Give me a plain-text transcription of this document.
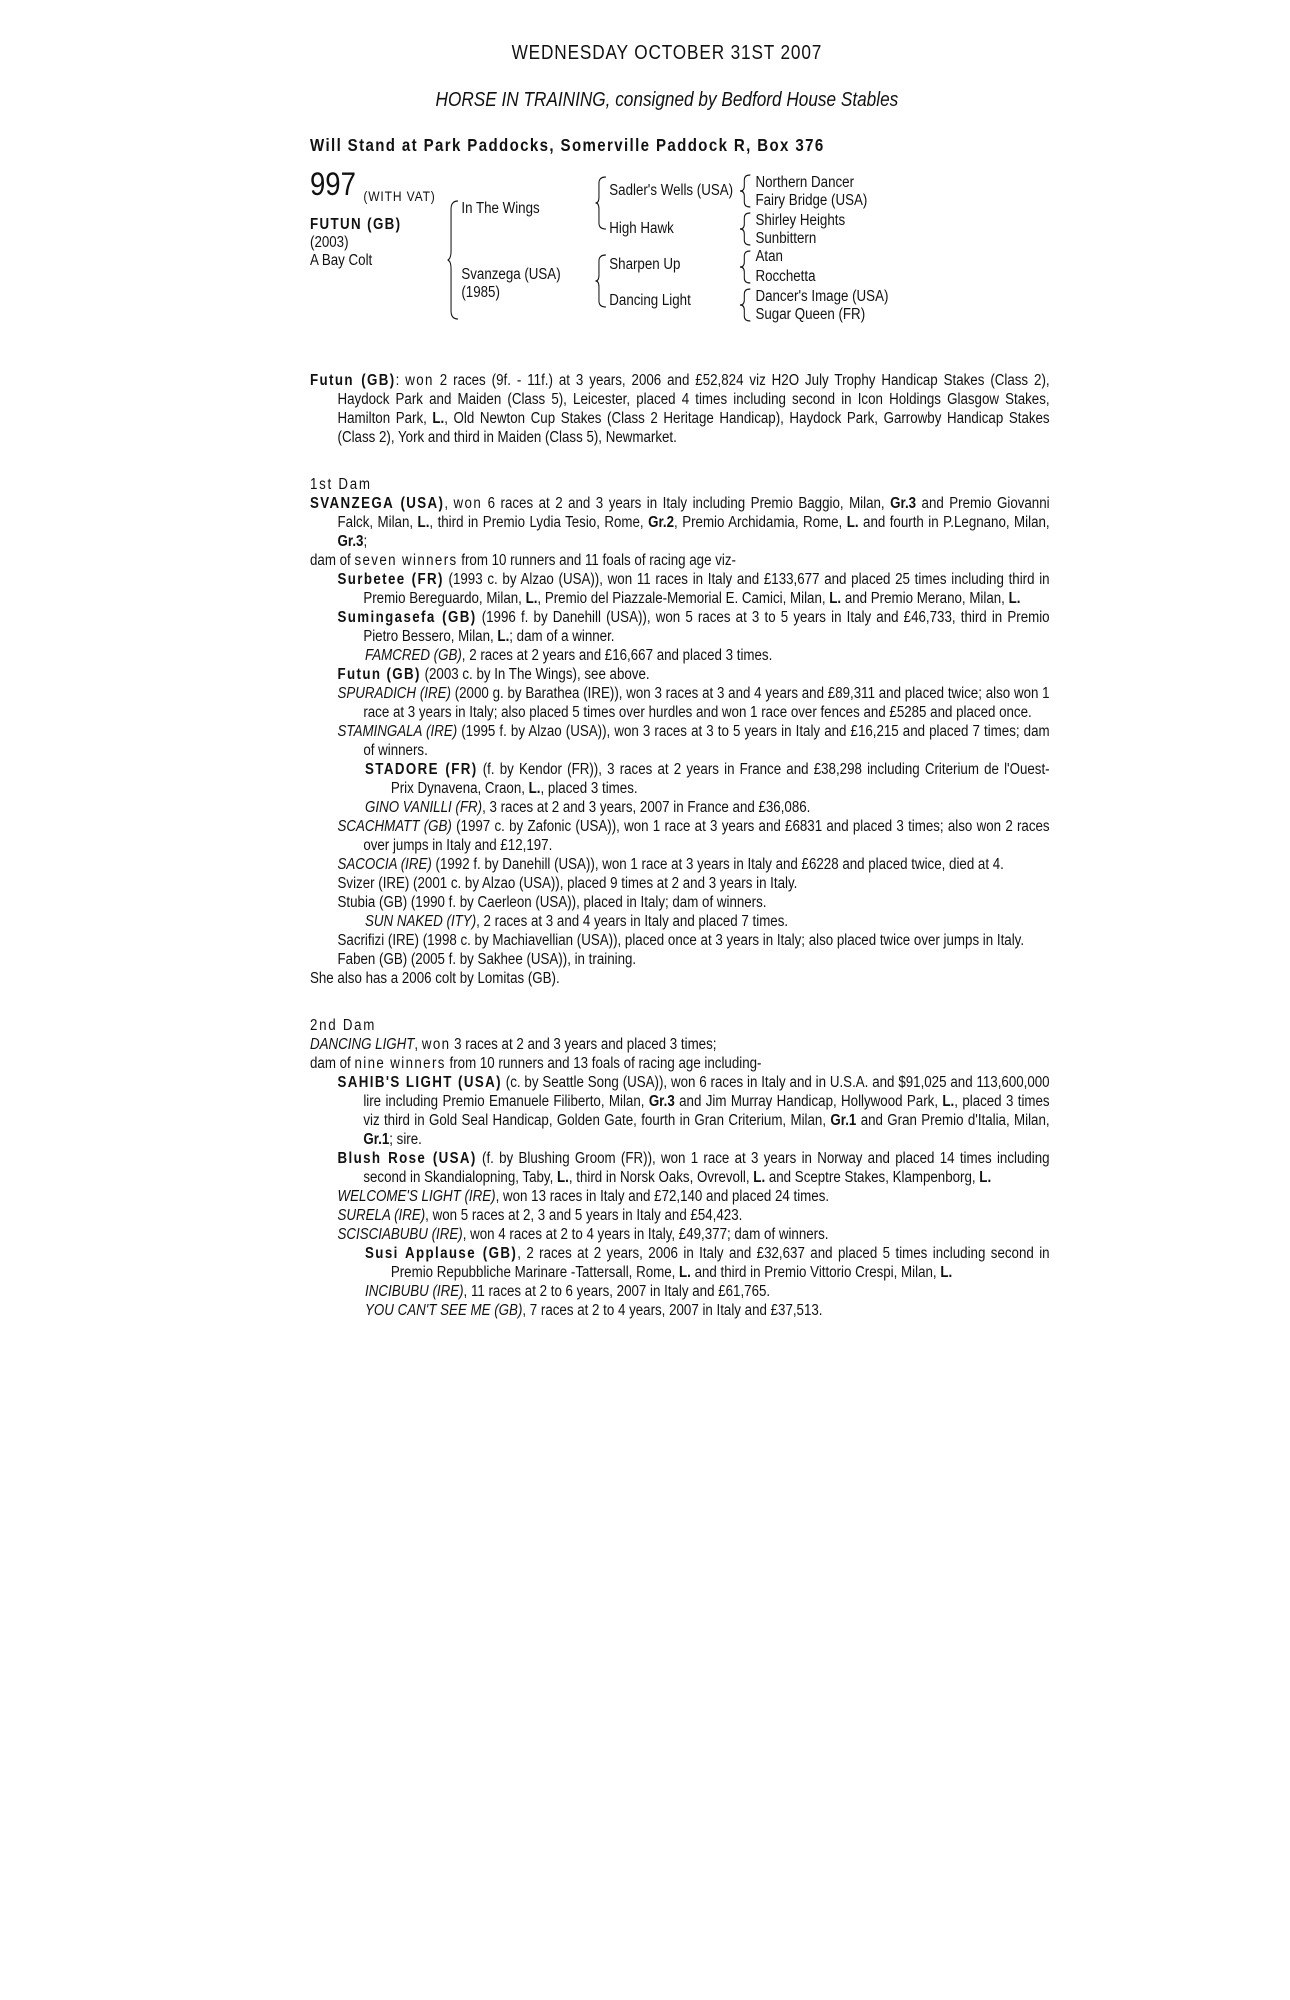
WEDNESDAY OCTOBER 31ST 2007
HORSE IN TRAINING, consigned by Bedford House Stables
Will Stand at Park Paddocks, Somerville Paddock R, Box 376
997 (WITH VAT)
FUTUN (GB)
(2003)
A Bay Colt
In The Wings
Svanzega (USA)
(1985)
Sadler's Wells (USA)
High Hawk
Sharpen Up
Dancing Light
Northern Dancer
Fairy Bridge (USA)
Shirley Heights
Sunbittern
Atan
Rocchetta
Dancer's Image (USA)
Sugar Queen (FR)

Futun (GB): won 2 races (9f. - 11f.) at 3 years, 2006 and £52,824 viz H2O July Trophy Handicap Stakes (Class 2), Haydock Park and Maiden (Class 5), Leicester, placed 4 times including second in Icon Holdings Glasgow Stakes, Hamilton Park, L., Old Newton Cup Stakes (Class 2 Heritage Handicap), Haydock Park, Garrowby Handicap Stakes (Class 2), York and third in Maiden (Class 5), Newmarket.

1st Dam

SVANZEGA (USA), won 6 races at 2 and 3 years in Italy including Premio Baggio, Milan, Gr.3 and Premio Giovanni Falck, Milan, L., third in Premio Lydia Tesio, Rome, Gr.2, Premio Archidamia, Rome, L. and fourth in P.Legnano, Milan, Gr.3;

dam of seven winners from 10 runners and 11 foals of racing age viz-

Surbetee (FR) (1993 c. by Alzao (USA)), won 11 races in Italy and £133,677 and placed 25 times including third in Premio Bereguardo, Milan, L., Premio del Piazzale-Memorial E. Camici, Milan, L. and Premio Merano, Milan, L.

Sumingasefa (GB) (1996 f. by Danehill (USA)), won 5 races at 3 to 5 years in Italy and £46,733, third in Premio Pietro Bessero, Milan, L.; dam of a winner.

FAMCRED (GB), 2 races at 2 years and £16,667 and placed 3 times.

Futun (GB) (2003 c. by In The Wings), see above.

SPURADICH (IRE) (2000 g. by Barathea (IRE)), won 3 races at 3 and 4 years and £89,311 and placed twice; also won 1 race at 3 years in Italy; also placed 5 times over hurdles and won 1 race over fences and £5285 and placed once.

STAMINGALA (IRE) (1995 f. by Alzao (USA)), won 3 races at 3 to 5 years in Italy and £16,215 and placed 7 times; dam of winners.

STADORE (FR) (f. by Kendor (FR)), 3 races at 2 years in France and £38,298 including Criterium de l'Ouest- Prix Dynavena, Craon, L., placed 3 times.

GINO VANILLI (FR), 3 races at 2 and 3 years, 2007 in France and £36,086.

SCACHMATT (GB) (1997 c. by Zafonic (USA)), won 1 race at 3 years and £6831 and placed 3 times; also won 2 races over jumps in Italy and £12,197.

SACOCIA (IRE) (1992 f. by Danehill (USA)), won 1 race at 3 years in Italy and £6228 and placed twice, died at 4.

Svizer (IRE) (2001 c. by Alzao (USA)), placed 9 times at 2 and 3 years in Italy.

Stubia (GB) (1990 f. by Caerleon (USA)), placed in Italy; dam of winners.

SUN NAKED (ITY), 2 races at 3 and 4 years in Italy and placed 7 times.

Sacrifizi (IRE) (1998 c. by Machiavellian (USA)), placed once at 3 years in Italy; also placed twice over jumps in Italy.

Faben (GB) (2005 f. by Sakhee (USA)), in training.

She also has a 2006 colt by Lomitas (GB).

2nd Dam

DANCING LIGHT, won 3 races at 2 and 3 years and placed 3 times;

dam of nine winners from 10 runners and 13 foals of racing age including-

SAHIB'S LIGHT (USA) (c. by Seattle Song (USA)), won 6 races in Italy and in U.S.A. and $91,025 and 113,600,000 lire including Premio Emanuele Filiberto, Milan, Gr.3 and Jim Murray Handicap, Hollywood Park, L., placed 3 times viz third in Gold Seal Handicap, Golden Gate, fourth in Gran Criterium, Milan, Gr.1 and Gran Premio d'Italia, Milan, Gr.1; sire.

Blush Rose (USA) (f. by Blushing Groom (FR)), won 1 race at 3 years in Norway and placed 14 times including second in Skandialopning, Taby, L., third in Norsk Oaks, Ovrevoll, L. and Sceptre Stakes, Klampenborg, L.

WELCOME'S LIGHT (IRE), won 13 races in Italy and £72,140 and placed 24 times.

SURELA (IRE), won 5 races at 2, 3 and 5 years in Italy and £54,423.

SCISCIABUBU (IRE), won 4 races at 2 to 4 years in Italy, £49,377; dam of winners.

Susi Applause (GB), 2 races at 2 years, 2006 in Italy and £32,637 and placed 5 times including second in Premio Repubbliche Marinare -Tattersall, Rome, L. and third in Premio Vittorio Crespi, Milan, L.

INCIBUBU (IRE), 11 races at 2 to 6 years, 2007 in Italy and £61,765.

YOU CAN'T SEE ME (GB), 7 races at 2 to 4 years, 2007 in Italy and £37,513.
